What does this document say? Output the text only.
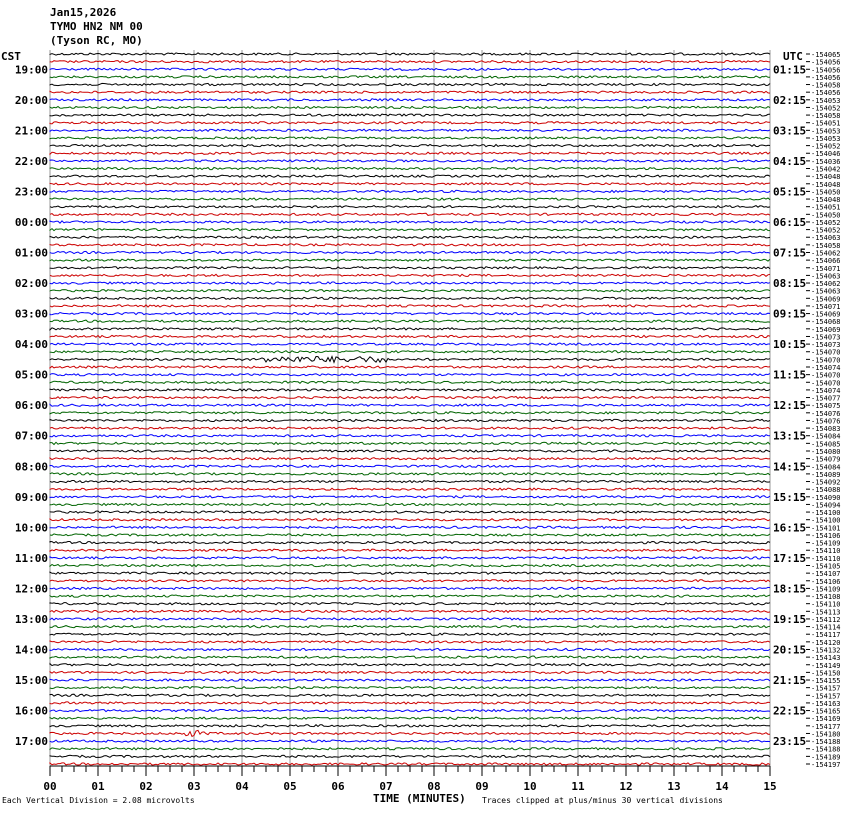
Jan15,2026
TYMO HN2 NM 00
(Tyson RC, MO)
CST	UTC -154065
-154056
-154056
-154056
-154058
-154056
-154053
-154052
-154058
-154051
-154053
-154053
-154052
-154046
-154036
-154042
-154048
-154048
-154050
-154048
-154051
-154050
-154052
-154052
-154063
-154058
-154062
-154066
-154071
-154063
-154062
-154063
-154069
-154071
-154069
-154068
-154069
-154073
-154073
-154070
-154070
-154074
-154070
-154070
-154074
-154077
-154075
-154076
-154076
-154083
-154084
-154085
-154080
-154079
-154084
-154089
-154092
-154088
-154090
-154094
-154100
-154100
-154101
-154106
-154109
-154110
-154110
-154105
-154107
-154106
-154109
-154108
-154110
-154113
-154112
-154114
-154117
-154120
-154132
-154143
-154149
-154150
-154155
-154157
-154157
-154163
-154165
-154169
-154177
-154180
-154188
-154188
-154189
-154197
19:00
20:00
21:00
22:00
23:00
00:00
01:00
02:00
03:00
04:00
05:00
06:00
07:00
08:00
09:00
10:00
11:00
12:00
13:00
14:00
15:00
16:00
17:00
01:15
02:15
03:15
04:15
05:15
06:15
07:15
08:15
09:15
10:15
11:15
12:15
13:15
14:15
15:15
16:15
17:15
18:15
19:15
20:15
21:15
22:15
23:15
00	01	02	03	04	05	06	07	08	09	10	11	12	13	14	15
Each Vertical Division = 2.08 microvolts	TIME (MINUTES) Traces clipped at plus/minus 30 vertical divisions
